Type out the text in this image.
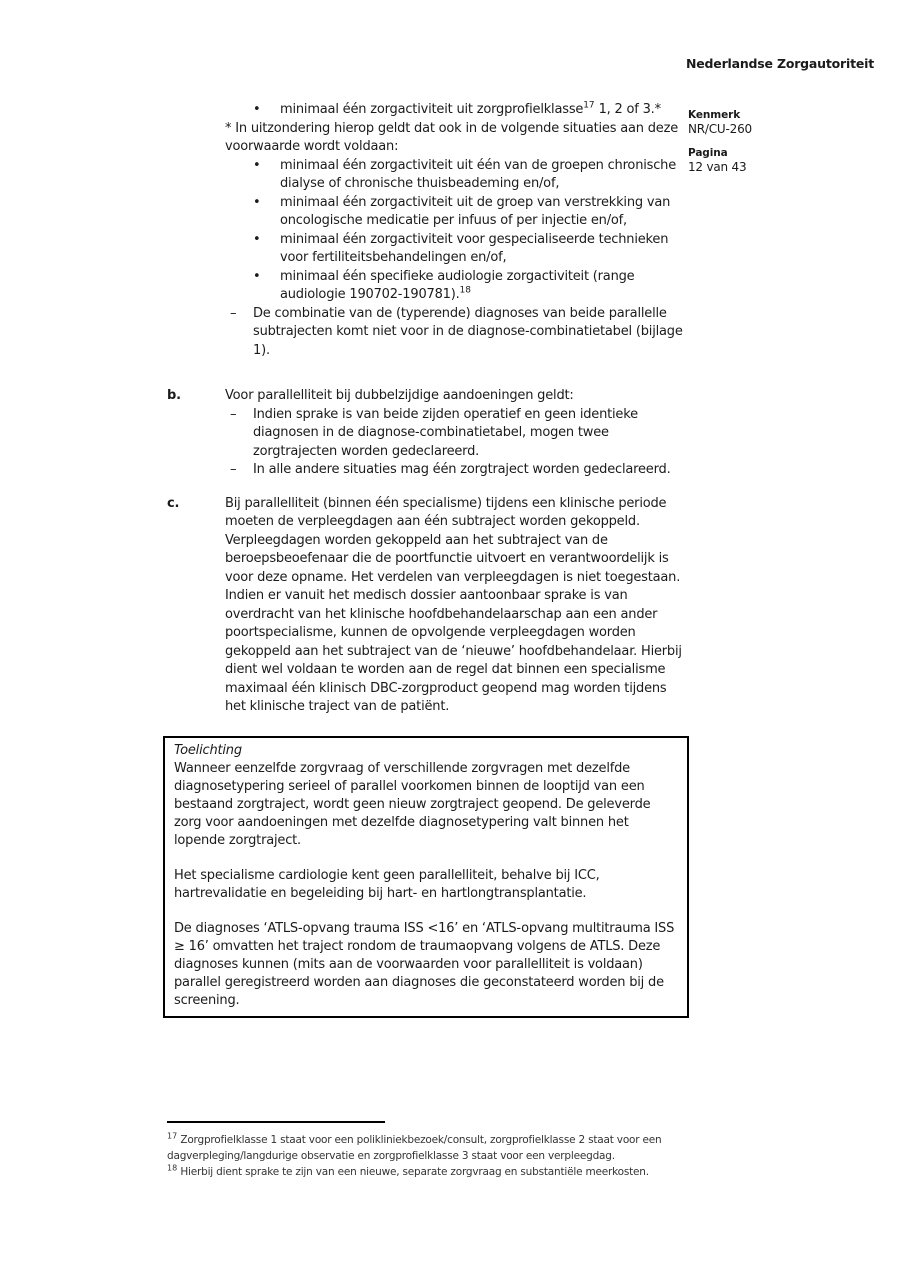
Nederlandse Zorgautoriteit
Kenmerk
NR/CU-260
Pagina
12 van 43
•	minimaal één zorgactiviteit uit zorgprofielklasse$^{17}$ 1, 2 of 3.*

* In uitzondering hierop geldt dat ook in de volgende situaties aan deze voorwaarde wordt voldaan:

•	minimaal één zorgactiviteit uit één van de groepen chronische dialyse of chronische thuisbeademing en/of,
•	minimaal één zorgactiviteit uit de groep van verstrekking van oncologische medicatie per infuus of per injectie en/of,
•	minimaal één zorgactiviteit voor gespecialiseerde technieken voor fertiliteitsbehandelingen en/of,
•	minimaal één specifieke audiologie zorgactiviteit (range audiologie 190702-190781).$^{18}$
–	De combinatie van de (typerende) diagnoses van beide parallelle subtrajecten komt niet voor in de diagnose-combinatietabel (bijlage 1).
b.	Voor parallelliteit bij dubbelzijdige aandoeningen geldt:

–	Indien sprake is van beide zijden operatief en geen identieke diagnosen in de diagnose-combinatietabel, mogen twee zorgtrajecten worden gedeclareerd.
–	In alle andere situaties mag één zorgtraject worden gedeclareerd.
c.	Bij parallelliteit (binnen één specialisme) tijdens een klinische periode moeten de verpleegdagen aan één subtraject worden gekoppeld. Verpleegdagen worden gekoppeld aan het subtraject van de beroepsbeoefenaar die de poortfunctie uitvoert en verantwoordelijk is voor deze opname. Het verdelen van verpleegdagen is niet toegestaan. Indien er vanuit het medisch dossier aantoonbaar sprake is van overdracht van het klinische hoofdbehandelaarschap aan een ander poortspecialisme, kunnen de opvolgende verpleegdagen worden gekoppeld aan het subtraject van de ‘nieuwe’ hoofdbehandelaar. Hierbij dient wel voldaan te worden aan de regel dat binnen een specialisme maximaal één klinisch DBC-zorgproduct geopend mag worden tijdens het klinische traject van de patiënt.

Toelichting

Wanneer eenzelfde zorgvraag of verschillende zorgvragen met dezelfde diagnosetypering serieel of parallel voorkomen binnen de looptijd van een bestaand zorgtraject, wordt geen nieuw zorgtraject geopend. De geleverde zorg voor aandoeningen met dezelfde diagnosetypering valt binnen het lopende zorgtraject.

Het specialisme cardiologie kent geen parallelliteit, behalve bij ICC, hartrevalidatie en begeleiding bij hart- en hartlongtransplantatie.

De diagnoses ‘ATLS-opvang trauma ISS <16’ en ‘ATLS-opvang multitrauma ISS ≥ 16’ omvatten het traject rondom de traumaopvang volgens de ATLS. Deze diagnoses kunnen (mits aan de voorwaarden voor parallelliteit is voldaan) parallel geregistreerd worden aan diagnoses die geconstateerd worden bij de screening.

$^{17}$ Zorgprofielklasse 1 staat voor een polikliniekbezoek/consult, zorgprofielklasse 2 staat voor een dagverpleging/langdurige observatie en zorgprofielklasse 3 staat voor een verpleegdag.

$^{18}$ Hierbij dient sprake te zijn van een nieuwe, separate zorgvraag en substantiële meerkosten.
